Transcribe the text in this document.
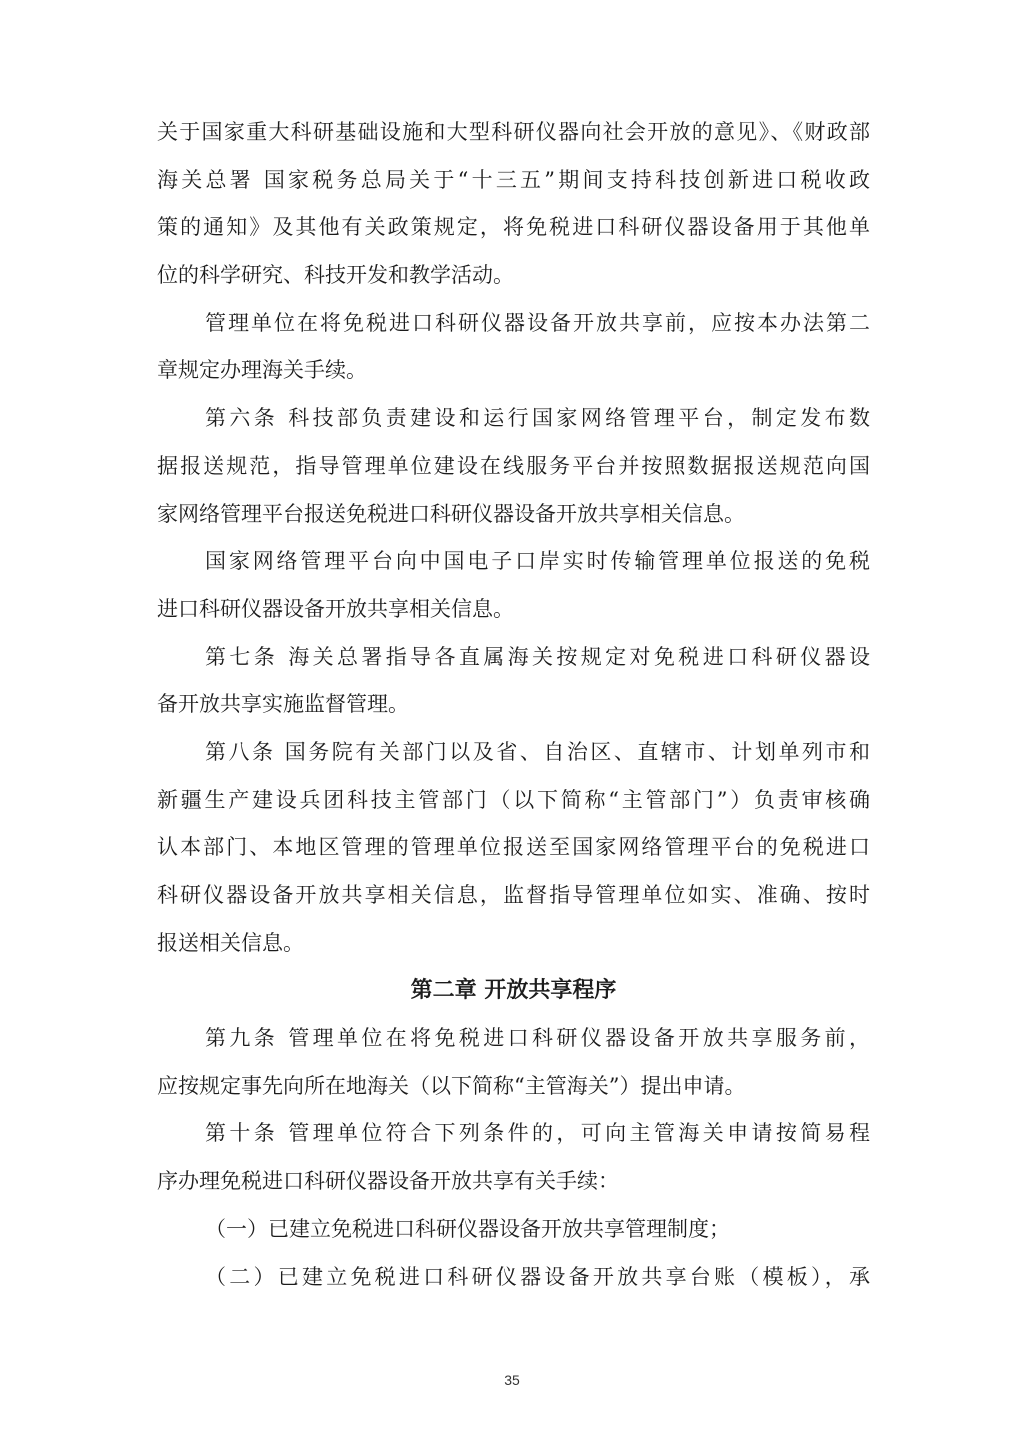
关于国家重大科研基础设施和大型科研仪器向社会开放的意见》、《财政部
海关总署 国家税务总局关于“十三五”期间支持科技创新进口税收政
策的通知》及其他有关政策规定，将免税进口科研仪器设备用于其他单
位的科学研究、科技开发和教学活动。
管理单位在将免税进口科研仪器设备开放共享前，应按本办法第二
章规定办理海关手续。
第六条 科技部负责建设和运行国家网络管理平台，制定发布数
据报送规范，指导管理单位建设在线服务平台并按照数据报送规范向国
家网络管理平台报送免税进口科研仪器设备开放共享相关信息。
国家网络管理平台向中国电子口岸实时传输管理单位报送的免税
进口科研仪器设备开放共享相关信息。
第七条 海关总署指导各直属海关按规定对免税进口科研仪器设
备开放共享实施监督管理。
第八条 国务院有关部门以及省、自治区、直辖市、计划单列市和
新疆生产建设兵团科技主管部门（以下简称“主管部门”）负责审核确
认本部门、本地区管理的管理单位报送至国家网络管理平台的免税进口
科研仪器设备开放共享相关信息，监督指导管理单位如实、准确、按时
报送相关信息。
第二章 开放共享程序
第九条 管理单位在将免税进口科研仪器设备开放共享服务前，
应按规定事先向所在地海关（以下简称“主管海关”）提出申请。
第十条 管理单位符合下列条件的，可向主管海关申请按简易程
序办理免税进口科研仪器设备开放共享有关手续：
（一）已建立免税进口科研仪器设备开放共享管理制度；
（二）已建立免税进口科研仪器设备开放共享台账（模板），承
35
